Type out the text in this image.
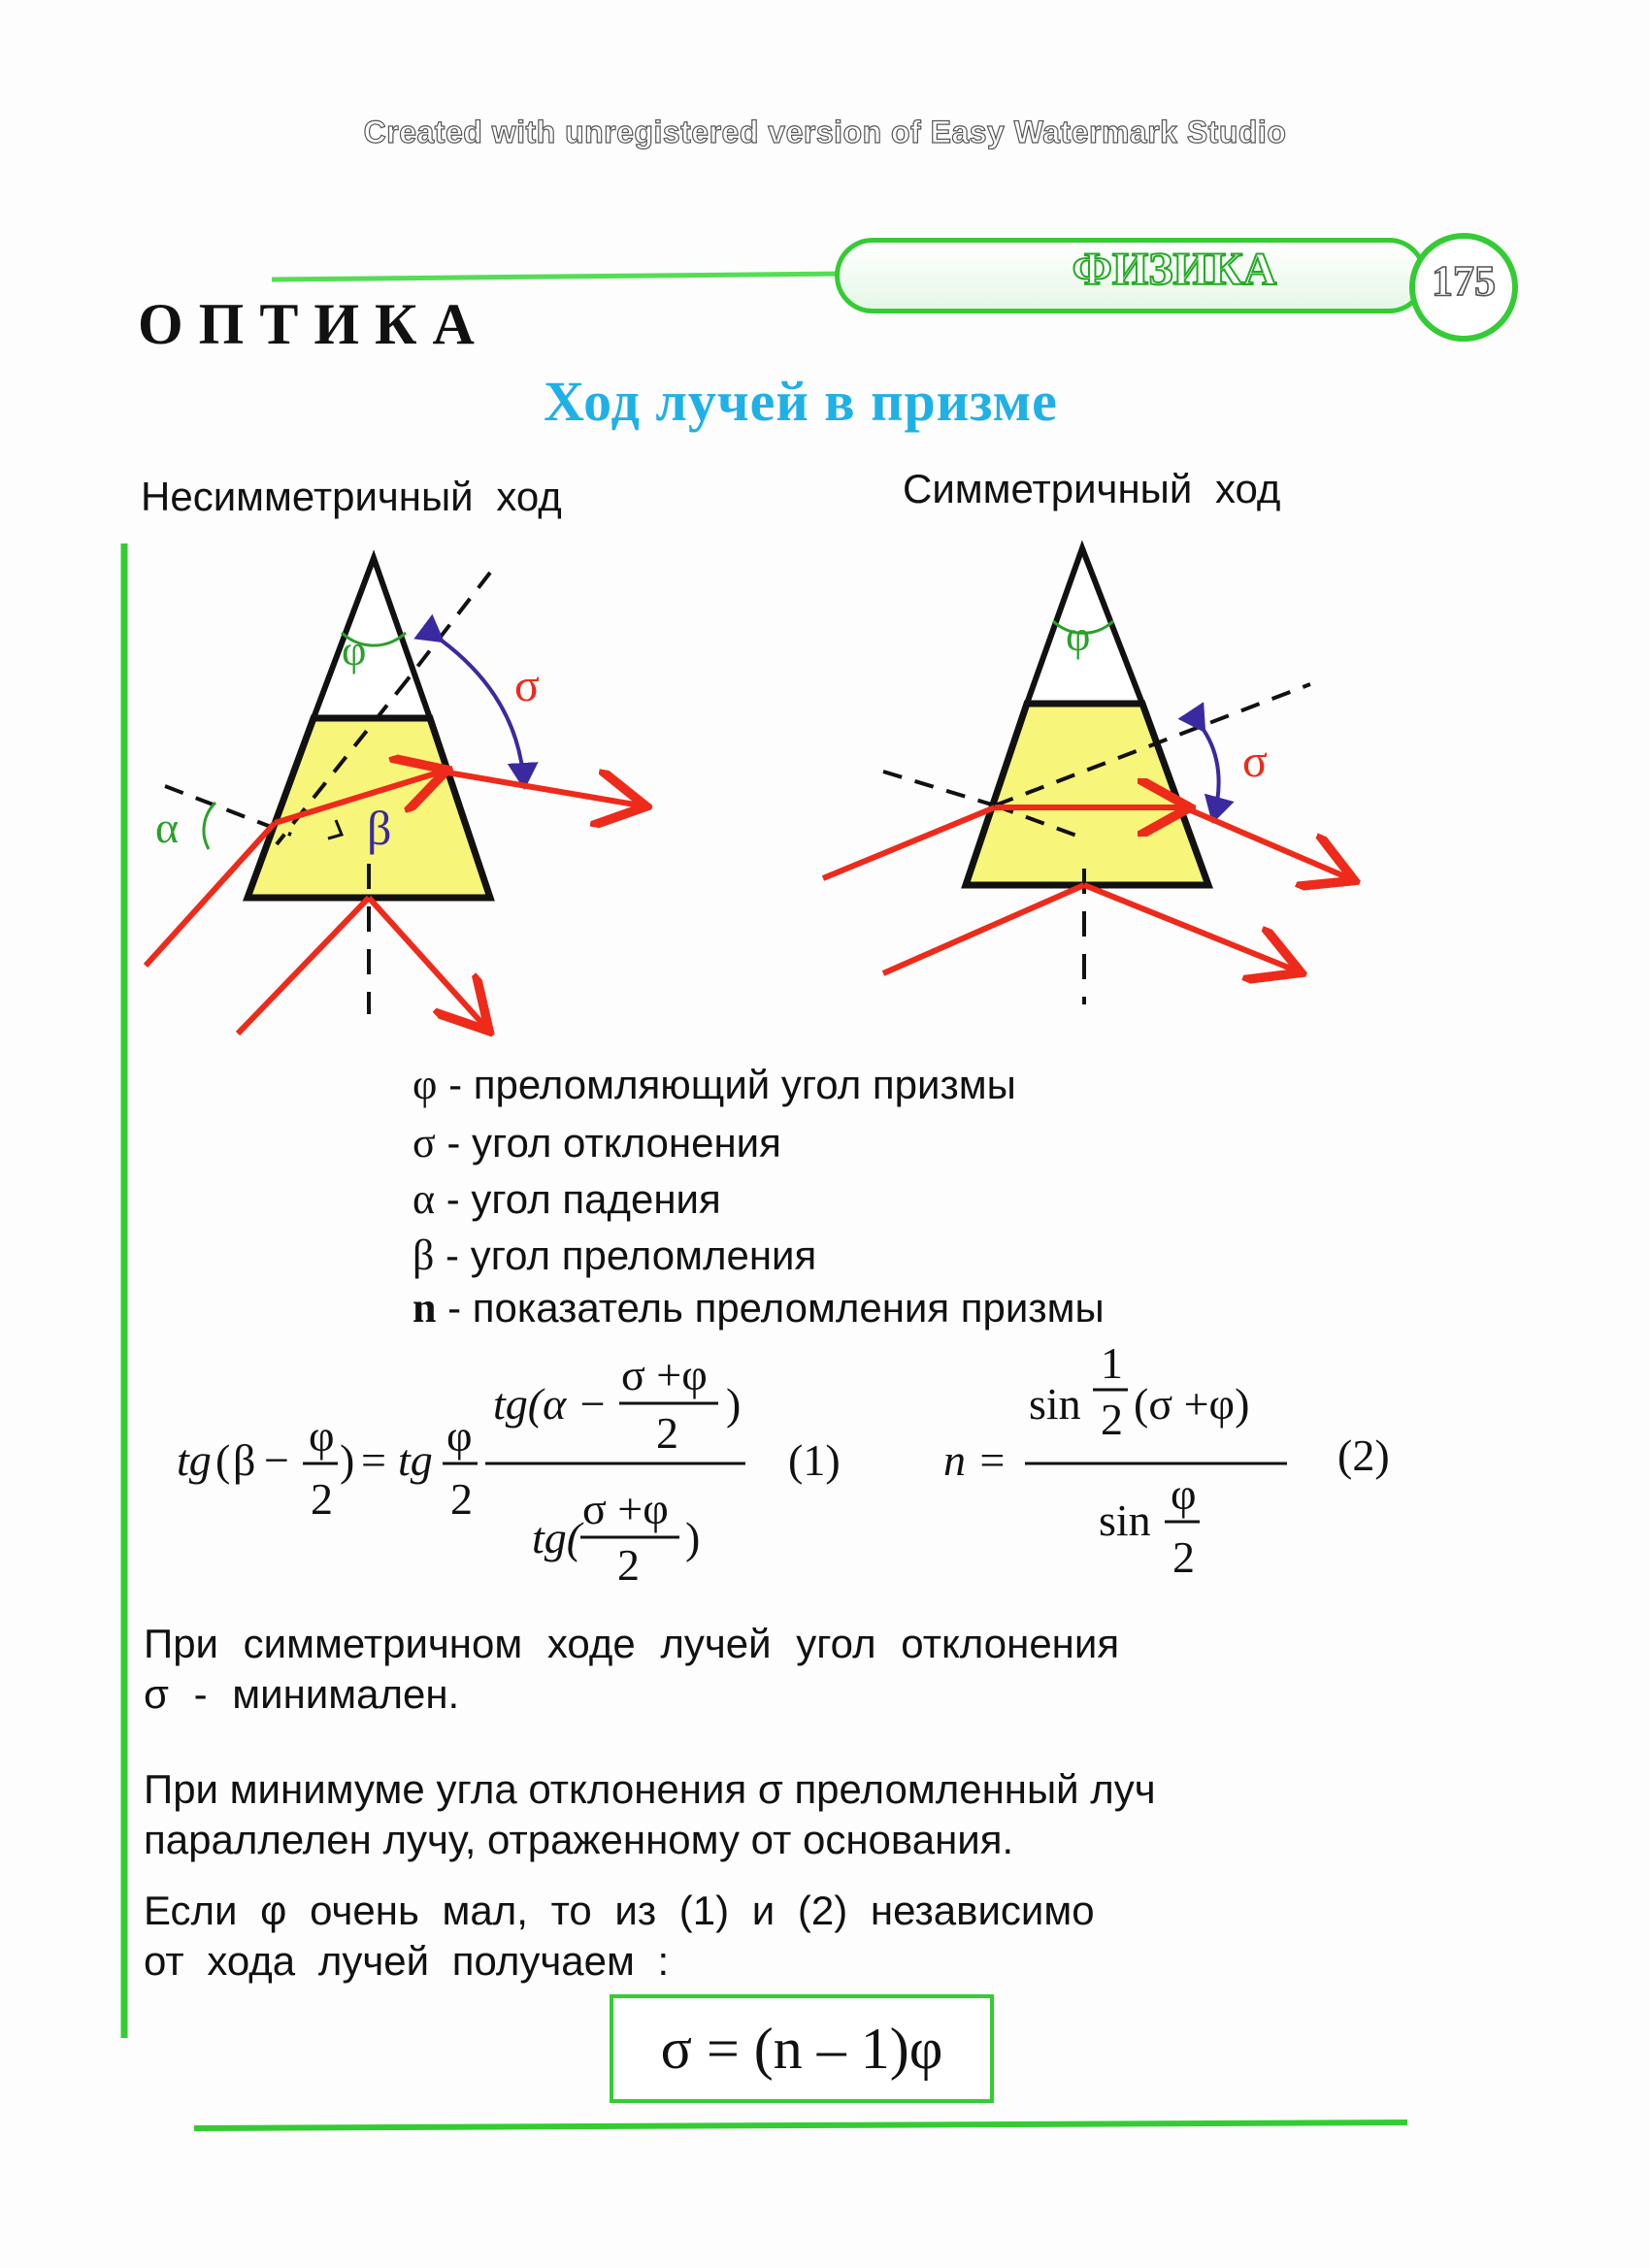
Created with unregistered version of Easy Watermark Studio
ФИЗИКА	175
ОПТИКА
Ход лучей в призме
Несимметричный ход	Симметричный ход
φ
σ
α	β
φ
σ
φ - преломляющий угол призмы
σ - угол отклонения
α - угол падения
β - угол преломления
n - показатель преломления призмы
tg ( β − φ
2
) = tg φ
2
tg(α −
σ +φ
2
)
tg(
σ +φ
2
)
(1) n =
sin
1
2 (σ +φ)
sin
φ
2
(2)
При симметричном ходе лучей угол отклонения
σ - минимален.
При минимуме угла отклонения σ преломленный луч
параллелен лучу, отраженному от основания.
Если φ очень мал, то из (1) и (2) независимо
от хода лучей получаем :
σ = (n – 1)φ
